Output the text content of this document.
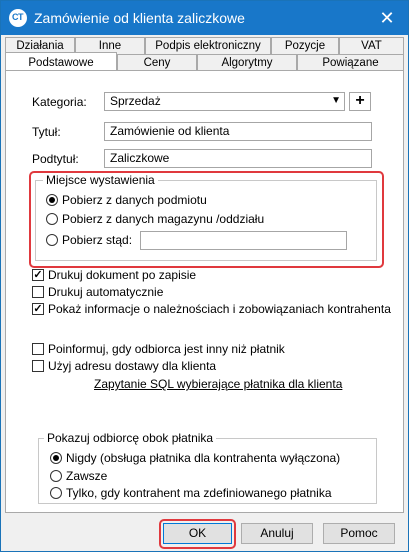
CT Zamówienie od klienta zaliczkowe	✕
Działania	Inne	Podpis elektroniczny	Pozycje	VAT
Podstawowe	Ceny	Algorytmy	Powiązane
Kategoria: Sprzedaż	▼ +
Tytuł:	Zamówienie od klienta
Podtytuł:	Zaliczkowe
Miejsce wystawienia
Pobierz z danych podmiotu
Pobierz z danych magazynu /oddziału
Pobierz stąd:
✓ Drukuj dokument po zapisie
Drukuj automatycznie
✓ Pokaż informacje o należnościach i zobowiązaniach kontrahenta
Poinformuj, gdy odbiorca jest inny niż płatnik
Użyj adresu dostawy dla klienta
Zapytanie SQL wybierające płatnika dla klienta
Pokazuj odbiorcę obok płatnika
Nigdy (obsługa płatnika dla kontrahenta wyłączona)
Zawsze
Tylko, gdy kontrahent ma zdefiniowanego płatnika
OK	Anuluj	Pomoc
